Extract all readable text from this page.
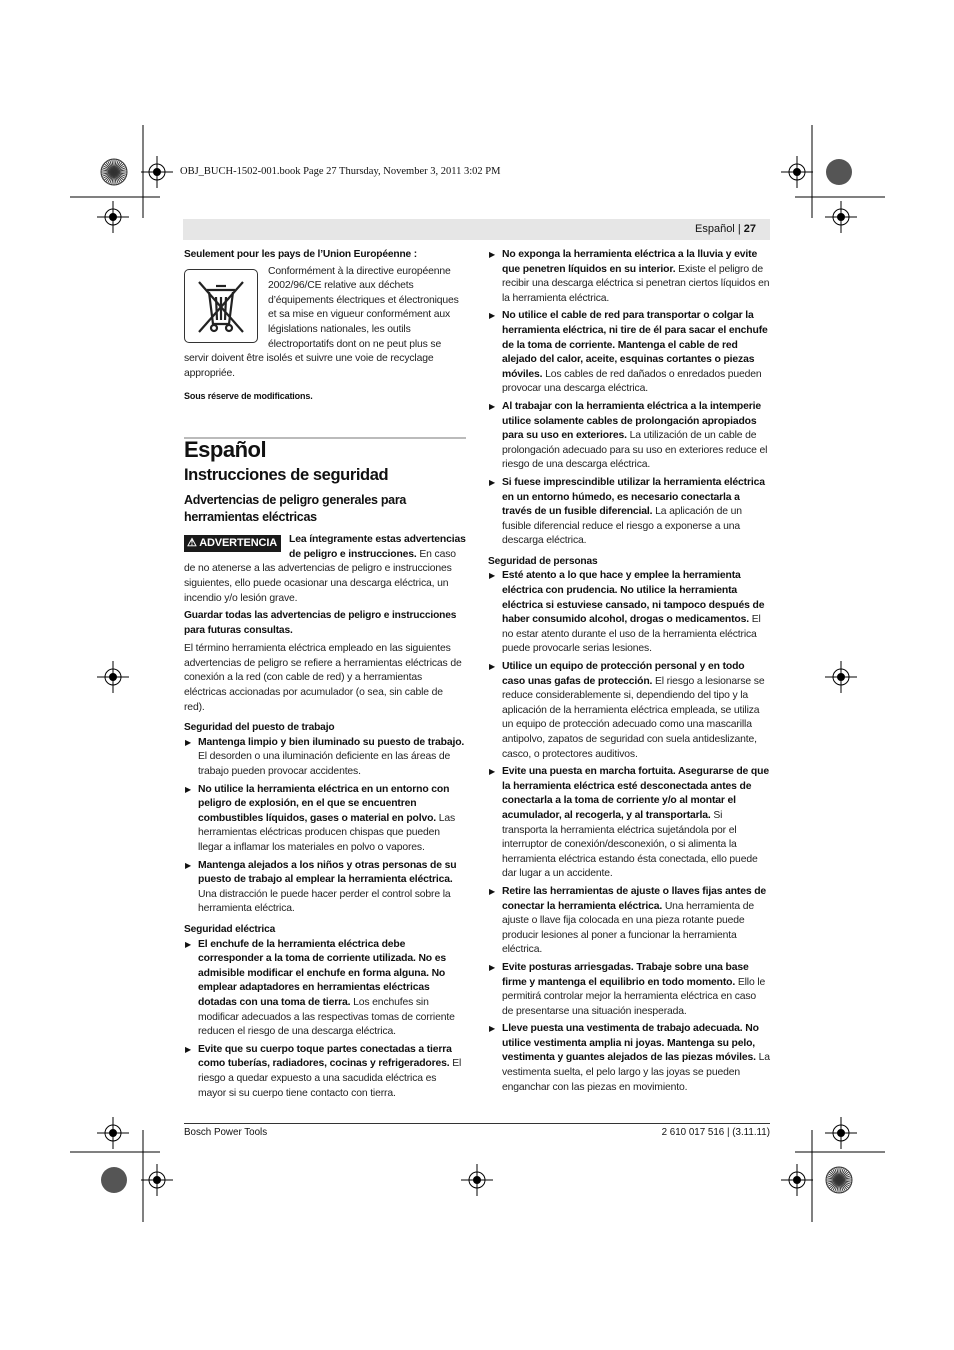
OBJ_BUCH-1502-001.book Page 27 Thursday, November 3, 2011 3:02 PM
Español | 27

Seulement pour les pays de l’Union Européenne :

Conformément à la directive européenne 2002/96/CE relative aux déchets d’équipements électriques et électroniques et sa mise en vigueur conformément aux législations nationales, les outils électroportatifs dont on ne peut plus se servir doivent être isolés et suivre une voie de recyclage appropriée.

Sous réserve de modifications.

Español

Instrucciones de seguridad

Advertencias de peligro generales para herramientas eléctricas

⚠ ADVERTENCIA	Lea íntegramente estas advertencias de peligro e instrucciones. En caso de no atenerse a las advertencias de peligro e instrucciones siguientes, ello puede ocasionar una descarga eléctrica, un incendio y/o lesión grave.

Guardar todas las advertencias de peligro e instrucciones para futuras consultas.

El término herramienta eléctrica empleado en las siguientes advertencias de peligro se refiere a herramientas eléctricas de conexión a la red (con cable de red) y a herramientas eléctricas accionadas por acumulador (o sea, sin cable de red).

Seguridad del puesto de trabajo

▶ Mantenga limpio y bien iluminado su puesto de trabajo. El desorden o una iluminación deficiente en las áreas de trabajo pueden provocar accidentes.
▶ No utilice la herramienta eléctrica en un entorno con peligro de explosión, en el que se encuentren combustibles líquidos, gases o material en polvo. Las herramientas eléctricas producen chispas que pueden llegar a inflamar los materiales en polvo o vapores.
▶ Mantenga alejados a los niños y otras personas de su puesto de trabajo al emplear la herramienta eléctrica. Una distracción le puede hacer perder el control sobre la herramienta eléctrica.

Seguridad eléctrica

▶ El enchufe de la herramienta eléctrica debe corresponder a la toma de corriente utilizada. No es admisible modificar el enchufe en forma alguna. No emplear adaptadores en herramientas eléctricas dotadas con una toma de tierra. Los enchufes sin modificar adecuados a las respectivas tomas de corriente reducen el riesgo de una descarga eléctrica.
▶ Evite que su cuerpo toque partes conectadas a tierra como tuberías, radiadores, cocinas y refrigeradores. El riesgo a quedar expuesto a una sacudida eléctrica es mayor si su cuerpo tiene contacto con tierra.
▶ No exponga la herramienta eléctrica a la lluvia y evite que penetren líquidos en su interior. Existe el peligro de recibir una descarga eléctrica si penetran ciertos líquidos en la herramienta eléctrica.
▶ No utilice el cable de red para transportar o colgar la herramienta eléctrica, ni tire de él para sacar el enchufe de la toma de corriente. Mantenga el cable de red alejado del calor, aceite, esquinas cortantes o piezas móviles. Los cables de red dañados o enredados pueden provocar una descarga eléctrica.
▶ Al trabajar con la herramienta eléctrica a la intemperie utilice solamente cables de prolongación apropiados para su uso en exteriores. La utilización de un cable de prolongación adecuado para su uso en exteriores reduce el riesgo de una descarga eléctrica.
▶ Si fuese imprescindible utilizar la herramienta eléctrica en un entorno húmedo, es necesario conectarla a través de un fusible diferencial. La aplicación de un fusible diferencial reduce el riesgo a exponerse a una descarga eléctrica.

Seguridad de personas

▶ Esté atento a lo que hace y emplee la herramienta eléctrica con prudencia. No utilice la herramienta eléctrica si estuviese cansado, ni tampoco después de haber consumido alcohol, drogas o medicamentos. El no estar atento durante el uso de la herramienta eléctrica puede provocarle serias lesiones.
▶ Utilice un equipo de protección personal y en todo caso unas gafas de protección. El riesgo a lesionarse se reduce considerablemente si, dependiendo del tipo y la aplicación de la herramienta eléctrica empleada, se utiliza un equipo de protección adecuado como una mascarilla antipolvo, zapatos de seguridad con suela antideslizante, casco, o protectores auditivos.
▶ Evite una puesta en marcha fortuita. Asegurarse de que la herramienta eléctrica esté desconectada antes de conectarla a la toma de corriente y/o al montar el acumulador, al recogerla, y al transportarla. Si transporta la herramienta eléctrica sujetándola por el interruptor de conexión/desconexión, o si alimenta la herramienta eléctrica estando ésta conectada, ello puede dar lugar a un accidente.
▶ Retire las herramientas de ajuste o llaves fijas antes de conectar la herramienta eléctrica. Una herramienta de ajuste o llave fija colocada en una pieza rotante puede producir lesiones al poner a funcionar la herramienta eléctrica.
▶ Evite posturas arriesgadas. Trabaje sobre una base firme y mantenga el equilibrio en todo momento. Ello le permitirá controlar mejor la herramienta eléctrica en caso de presentarse una situación inesperada.
▶ Lleve puesta una vestimenta de trabajo adecuada. No utilice vestimenta amplia ni joyas. Mantenga su pelo, vestimenta y guantes alejados de las piezas móviles. La vestimenta suelta, el pelo largo y las joyas se pueden enganchar con las piezas en movimiento.
Bosch Power Tools	2 610 017 516 | (3.11.11)
